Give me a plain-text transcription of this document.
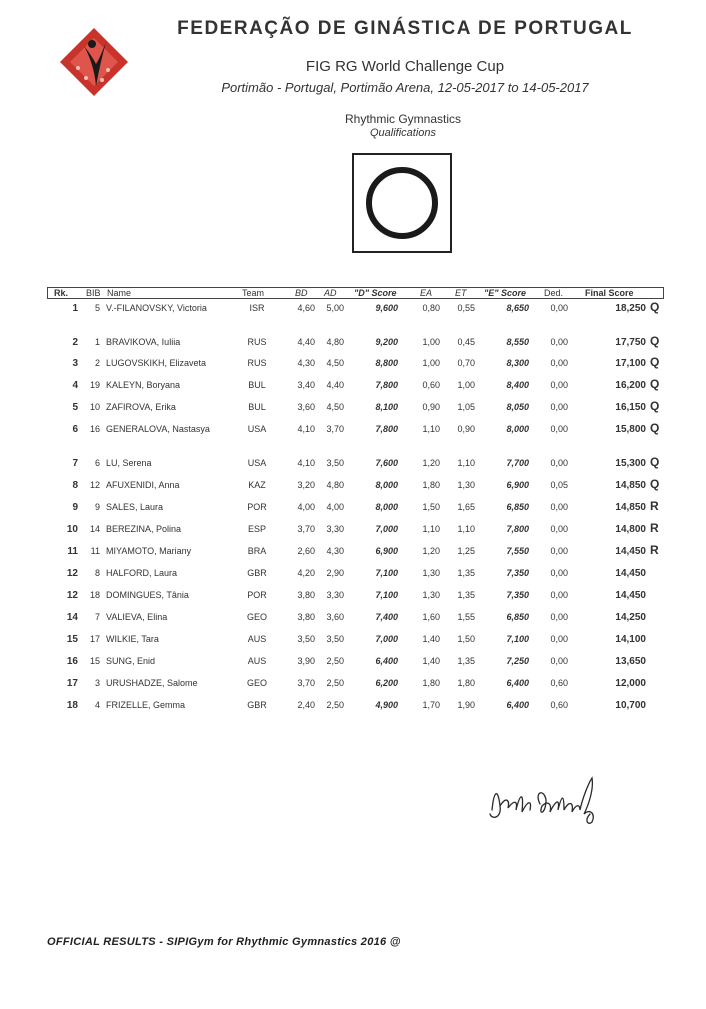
FEDERAÇÃO DE GINÁSTICA DE PORTUGAL
FIG RG World Challenge Cup
Portimão - Portugal, Portimão Arena, 12-05-2017 to 14-05-2017
Rhythmic Gymnastics
Qualifications
Rk. BIB Name	Team	BD AD "D" Score	EA	ET "E" Score Ded. Final Score
1	5 V.-FILANOVSKY, Victoria	ISR	4,60	5,00	9,600	0,80	0,55	8,650	0,00	18,250 Q
2	1 BRAVIKOVA, Iuliia	RUS	4,40	4,80	9,200	1,00	0,45	8,550	0,00	17,750 Q
3	2 LUGOVSKIKH, Elizaveta	RUS	4,30	4,50	8,800	1,00	0,70	8,300	0,00	17,100 Q
4	19 KALEYN, Boryana	BUL	3,40	4,40	7,800	0,60	1,00	8,400	0,00	16,200 Q
5	10 ZAFIROVA, Erika	BUL	3,60	4,50	8,100	0,90	1,05	8,050	0,00	16,150 Q
6	16 GENERALOVA, Nastasya	USA	4,10	3,70	7,800	1,10	0,90	8,000	0,00	15,800 Q
7	6 LU, Serena	USA	4,10	3,50	7,600	1,20	1,10	7,700	0,00	15,300 Q
8	12 AFUXENIDI, Anna	KAZ	3,20	4,80	8,000	1,80	1,30	6,900	0,05	14,850 Q
9	9 SALES, Laura	POR	4,00	4,00	8,000	1,50	1,65	6,850	0,00	14,850 R
10	14 BEREZINA, Polina	ESP	3,70	3,30	7,000	1,10	1,10	7,800	0,00	14,800 R
11	11 MIYAMOTO, Mariany	BRA	2,60	4,30	6,900	1,20	1,25	7,550	0,00	14,450 R
12	8 HALFORD, Laura	GBR	4,20	2,90	7,100	1,30	1,35	7,350	0,00	14,450
12	18 DOMINGUES, Tânia	POR	3,80	3,30	7,100	1,30	1,35	7,350	0,00	14,450
14	7 VALIEVA, Elina	GEO	3,80	3,60	7,400	1,60	1,55	6,850	0,00	14,250
15	17 WILKIE, Tara	AUS	3,50	3,50	7,000	1,40	1,50	7,100	0,00	14,100
16	15 SUNG, Enid	AUS	3,90	2,50	6,400	1,40	1,35	7,250	0,00	13,650
17	3 URUSHADZE, Salome	GEO	3,70	2,50	6,200	1,80	1,80	6,400	0,60	12,000
18	4 FRIZELLE, Gemma	GBR	2,40	2,50	4,900	1,70	1,90	6,400	0,60	10,700
OFFICIAL RESULTS - SIPIGym for Rhythmic Gymnastics 2016 @
